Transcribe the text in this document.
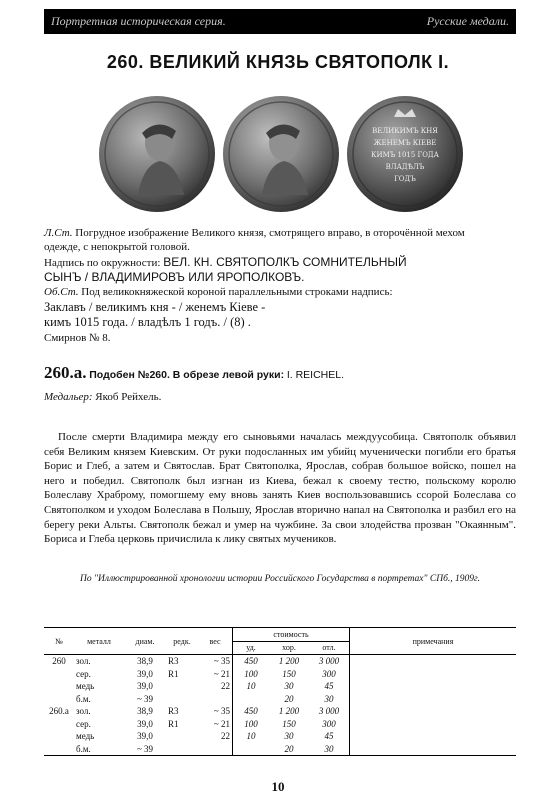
Портретная историческая серия.	Русские медали.
260. ВЕЛИКИЙ КНЯЗЬ СВЯТОПОЛК I.
ВЕЛИКИМЪ КНЯ
ЖЕНЕМЪ КІЕВЕ
КИМЪ 1015 ГОДА
ВЛАДѢЛЪ
ГОДЪ
Л.Ст. Погрудное изображение Великого князя, смотрящего вправо, в оторочённой мехом
одежде, с непокрытой головой.
Надпись по окружности: ВЕЛ. КН. СВЯТОПОЛКЪ СОМНИТЕЛЬНЫЙ
СЫНЪ / ВЛАДИМИРОВЪ ИЛИ ЯРОПОЛКОВЪ.
Об.Ст. Под великокняжеской короной параллельными строками надпись:
Заклавъ / великимъ кня - / женемъ Кіеве -
кимъ 1015 года. / владѣлъ 1 годъ. / (8) .
Смирнов № 8.
260.a. Подобен №260. В обрезе левой руки: I. REICHEL.
Медальер: Якоб Рейхель.
После смерти Владимира между его сыновьями началась междуусобица. Святополк объявил себя Великим князем Киевским. От руки подосланных им убийц мученически погибли его братья Борис и Глеб, а затем и Святослав. Брат Святополка, Ярослав, собрав большое войско, пошел на него и победил. Святополк был изгнан из Киева, бежал к своему тестю, польскому королю Болеславу Храброму, помогшему ему вновь занять Киев воспользовавшись ссорой Болеслава со Святополком и уходом Болеслава в Польшу, Ярослав вторично напал на Святополка и разбил его на берегу реки Альты. Святополк бежал и умер на чужбине. За свои злодейства прозван "Окаянным". Бориса и Глеба церковь причислила к лику святых мучеников.
По "Иллюстрированной хронологии истории Российского Государства в портретах" СПб., 1909г.
№	металл	диам.	редк.	вес	стоимость			примечания
					уд.	хор.	отл.	
260	зол.	38,9	R3	~ 35	450	1 200	3 000	
	сер.	39,0	R1	~ 21	100	150	300	
	медь	39,0		22	10	30	45	
	б.м.	~ 39				20	30	
260.a	зол.	38,9	R3	~ 35	450	1 200	3 000	
	сер.	39,0	R1	~ 21	100	150	300	
	медь	39,0		22	10	30	45	
	б.м.	~ 39				20	30	
10
